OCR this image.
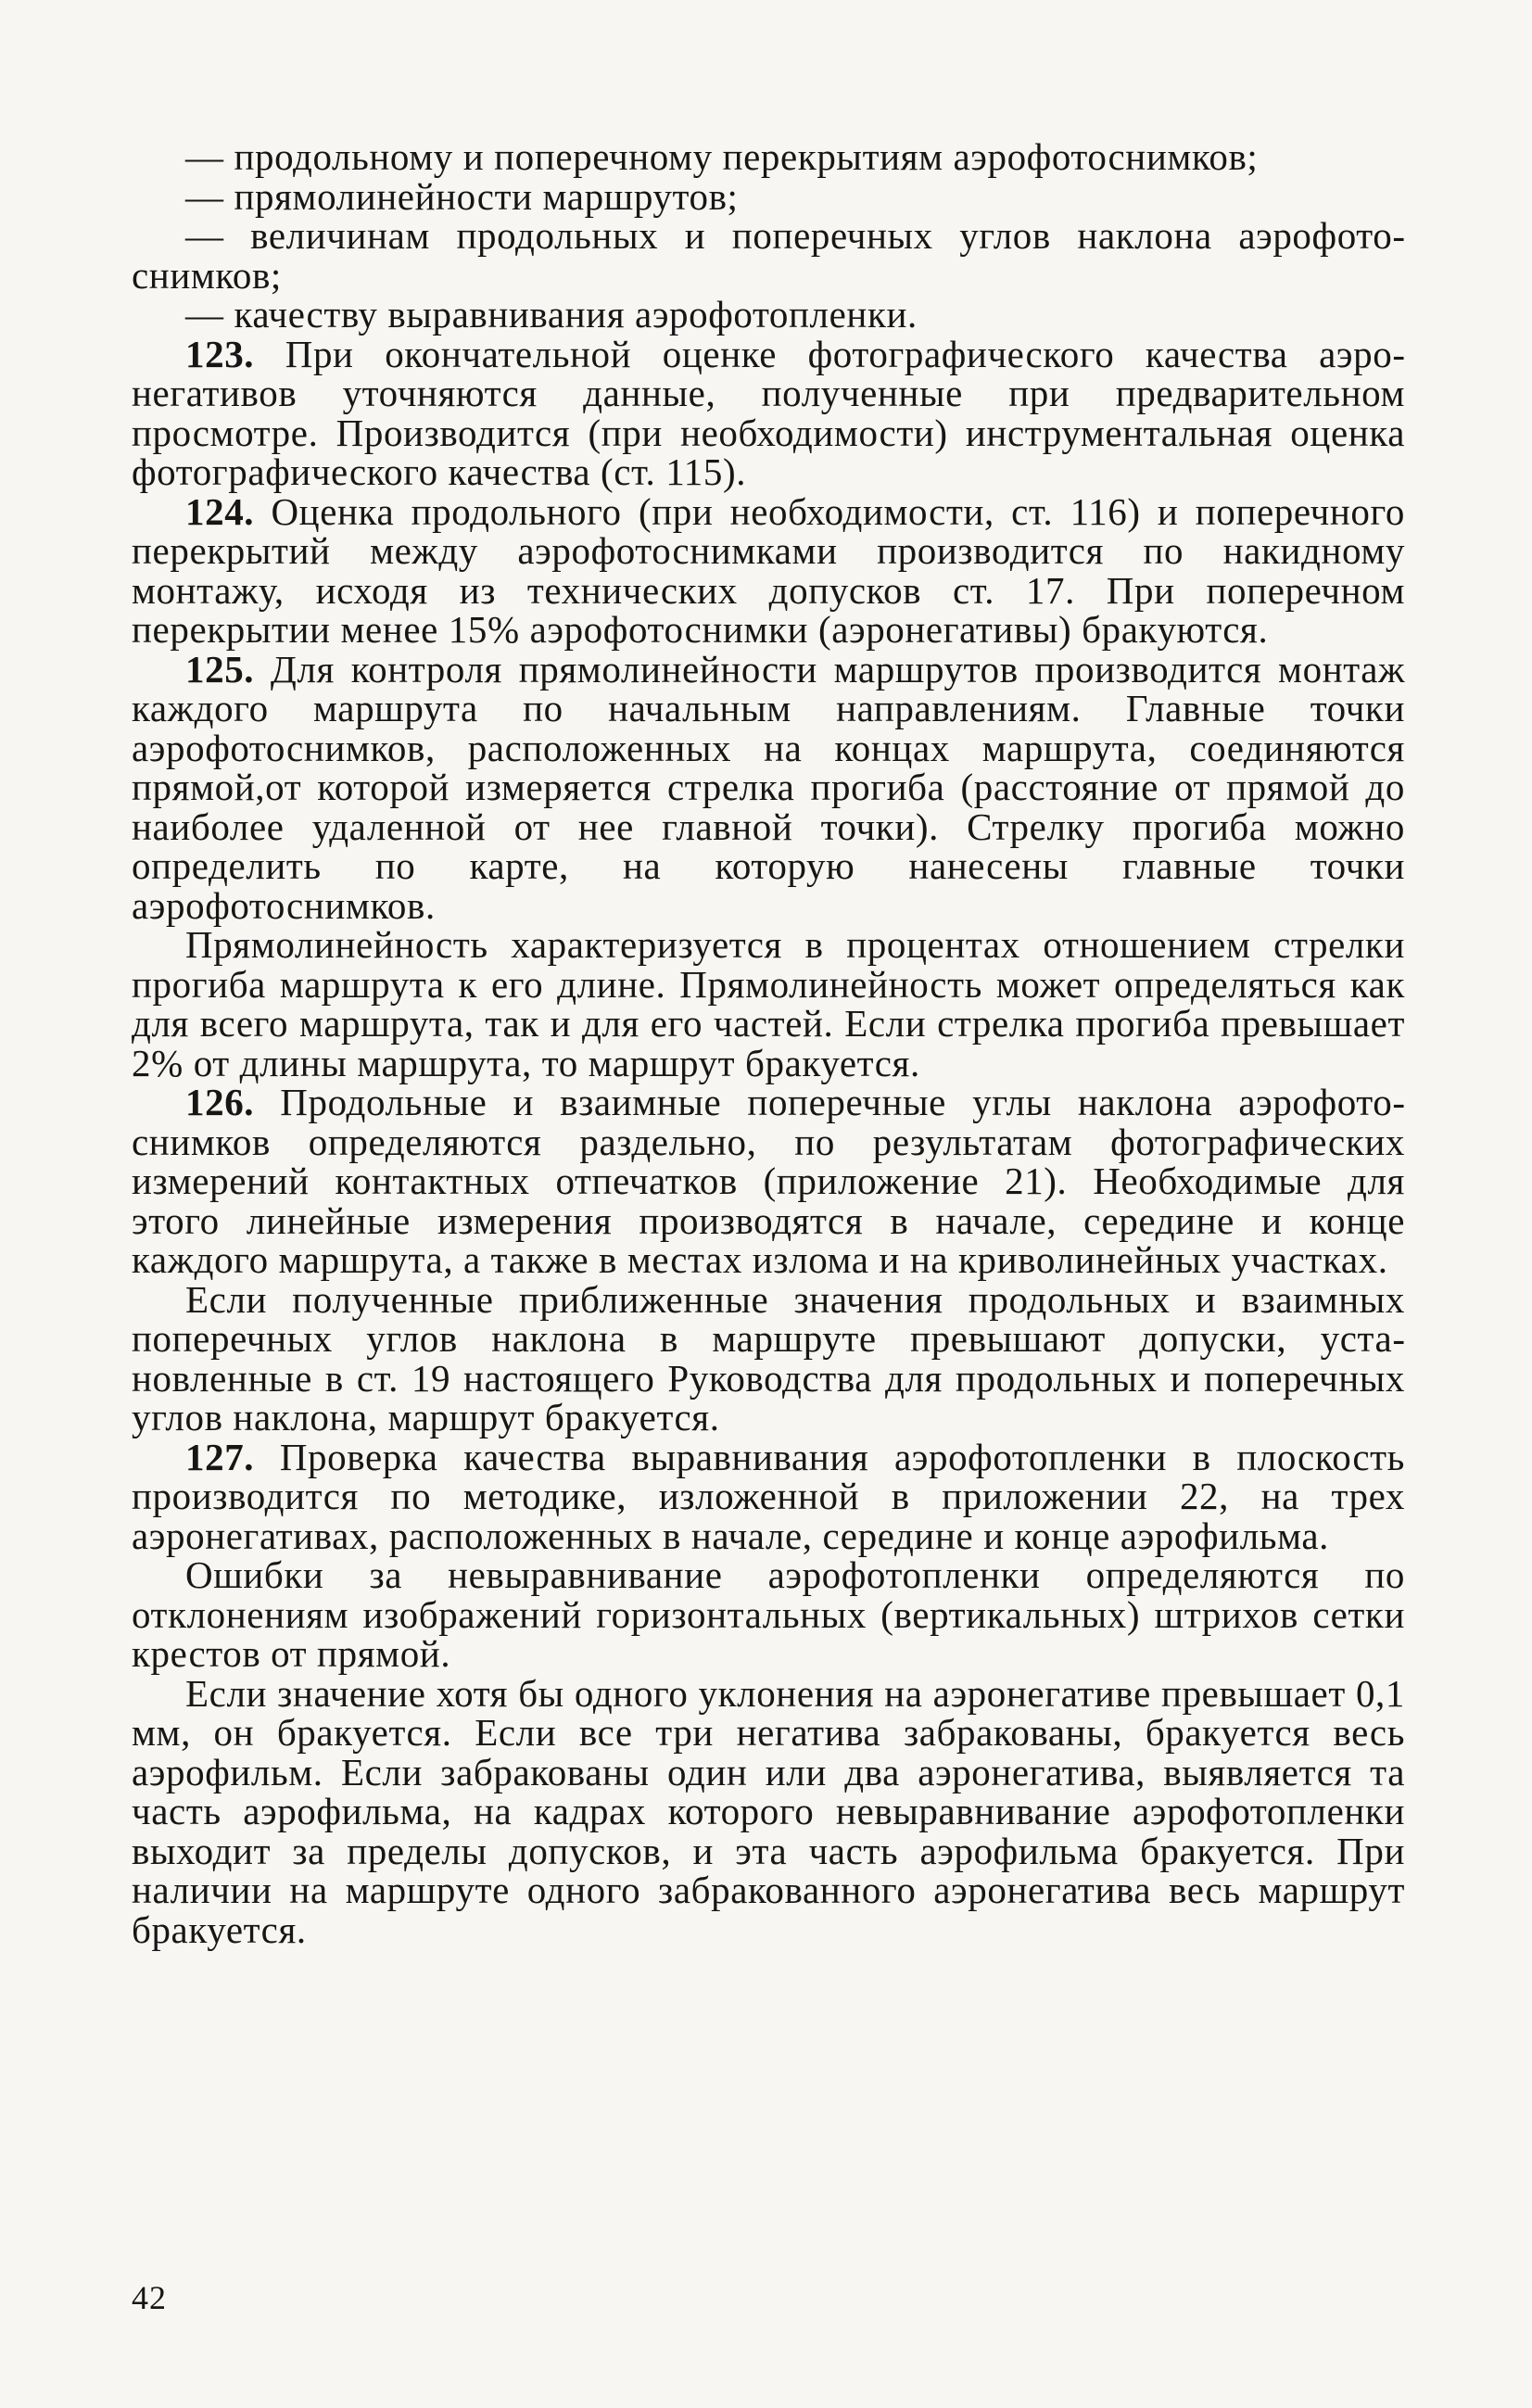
— продольному и поперечному перекрытиям аэрофотоснимков;

— прямолинейности маршрутов;

— величинам продольных и поперечных углов наклона аэрофотоснимков;

— качеству выравнивания аэрофотопленки.

123. При окончательной оценке фотографического качества аэронегативов уточняются данные, полученные при предварительном просмотре. Производится (при необходимости) инструментальная оценка фотографического качества (ст. 115).

124. Оценка продольного (при необходимости, ст. 116) и поперечного перекрытий между аэрофотоснимками производится по накидному монтажу, исходя из технических допусков ст. 17. При поперечном перекрытии менее 15% аэрофотоснимки (аэронегативы) бракуются.

125. Для контроля прямолинейности маршрутов производится монтаж каждого маршрута по начальным направлениям. Главные точки аэрофотоснимков, расположенных на концах маршрута, соединяются прямой,от которой измеряется стрелка прогиба (расстояние от прямой до наиболее удаленной от нее главной точки). Стрелку прогиба можно определить по карте, на которую нанесены главные точки аэрофотоснимков.

Прямолинейность характеризуется в процентах отношением стрелки прогиба маршрута к его длине. Прямолинейность может определяться как для всего маршрута, так и для его частей. Если стрелка прогиба превышает 2% от длины маршрута, то маршрут бракуется.

126. Продольные и взаимные поперечные углы наклона аэрофотоснимков определяются раздельно, по результатам фотографических измерений контактных отпечатков (приложение 21). Необходимые для этого линейные измерения производятся в начале, середине и конце каждого маршрута, а также в местах излома и на криволинейных участках.

Если полученные приближенные значения продольных и взаимных поперечных углов наклона в маршруте превышают допуски, установленные в ст. 19 настоящего Руководства для продольных и поперечных углов наклона, маршрут бракуется.

127. Проверка качества выравнивания аэрофотопленки в плоскость производится по методике, изложенной в приложении 22, на трех аэронегативах, расположенных в начале, середине и конце аэрофильма.

Ошибки за невыравнивание аэрофотопленки определяются по отклонениям изображений горизонтальных (вертикальных) штрихов сетки крестов от прямой.

Если значение хотя бы одного уклонения на аэронегативе превышает 0,1 мм, он бракуется. Если все три негатива забракованы, бракуется весь аэрофильм. Если забракованы один или два аэронегатива, выявляется та часть аэрофильма, на кадрах которого невыравнивание аэрофотопленки выходит за пределы допусков, и эта часть аэрофильма бракуется. При наличии на маршруте одного забракованного аэронегатива весь маршрут бракуется.

42
